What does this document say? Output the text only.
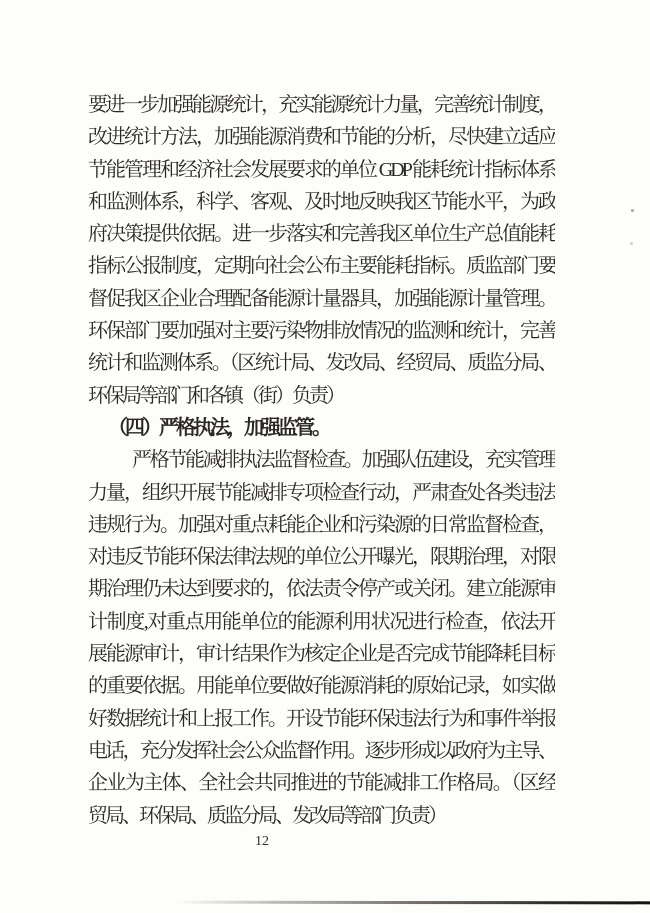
要进一步加强能源统计，充实能源统计力量，完善统计制度，
改进统计方法，加强能源消费和节能的分析，尽快建立适应
节能管理和经济社会发展要求的单位 GDP 能耗统计指标体系
和监测体系，科学、客观、及时地反映我区节能水平，为政
府决策提供依据。进一步落实和完善我区单位生产总值能耗
指标公报制度，定期向社会公布主要能耗指标。质监部门要
督促我区企业合理配备能源计量器具，加强能源计量管理。
环保部门要加强对主要污染物排放情况的监测和统计，完善
统计和监测体系。（区统计局、发改局、经贸局、质监分局、
环保局等部门和各镇（街）负责）
（四）严格执法，加强监管。
严格节能减排执法监督检查。加强队伍建设，充实管理
力量，组织开展节能减排专项检查行动，严肃查处各类违法
违规行为。加强对重点耗能企业和污染源的日常监督检查，
对违反节能环保法律法规的单位公开曝光，限期治理，对限
期治理仍未达到要求的，依法责令停产或关闭。建立能源审
计制度,对重点用能单位的能源利用状况进行检查，依法开
展能源审计，审计结果作为核定企业是否完成节能降耗目标
的重要依据。用能单位要做好能源消耗的原始记录，如实做
好数据统计和上报工作。开设节能环保违法行为和事件举报
电话，充分发挥社会公众监督作用。逐步形成以政府为主导、
企业为主体、全社会共同推进的节能减排工作格局。（区经
贸局、环保局、质监分局、发改局等部门负责）
12
